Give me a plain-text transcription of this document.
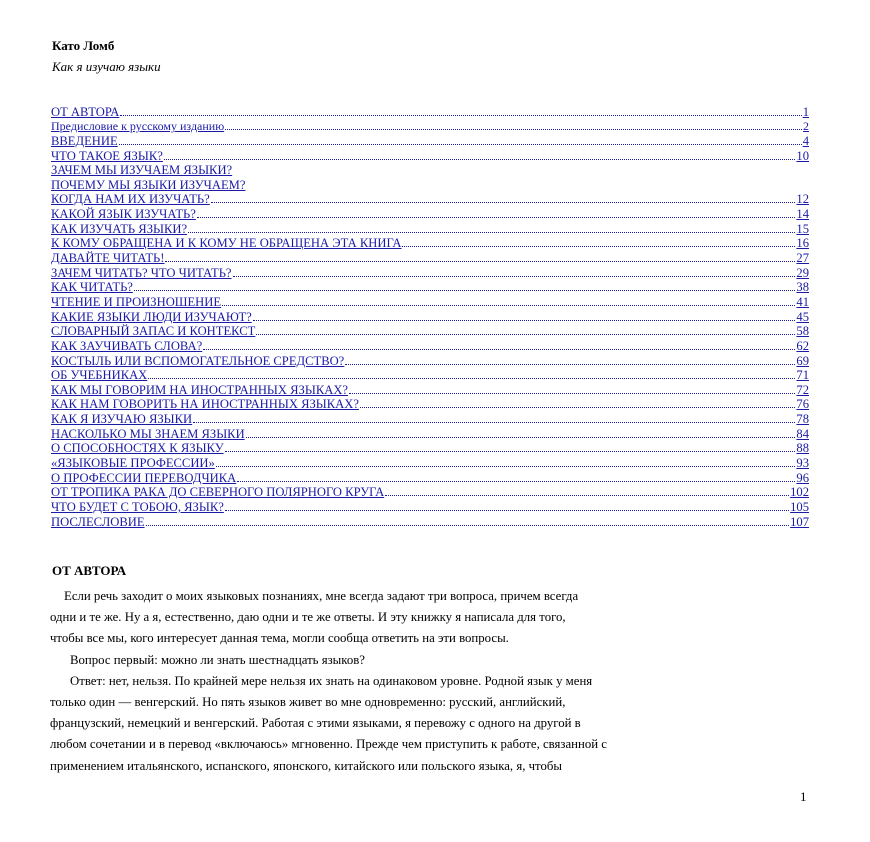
Като Ломб
Как я изучаю языки
ОТ АВТОРА	1
Предисловие к русскому изданию	2
ВВЕДЕНИЕ	4
ЧТО ТАКОЕ ЯЗЫК?	10
ЗАЧЕМ МЫ ИЗУЧАЕМ ЯЗЫКИ?
ПОЧЕМУ МЫ ЯЗЫКИ ИЗУЧАЕМ?
КОГДА НАМ ИХ ИЗУЧАТЬ?	12
КАКОЙ ЯЗЫК ИЗУЧАТЬ?	14
КАК ИЗУЧАТЬ ЯЗЫКИ?	15
К КОМУ ОБРАЩЕНА И К КОМУ НЕ ОБРАЩЕНА ЭТА КНИГА	16
ДАВАЙТЕ ЧИТАТЬ!	27
ЗАЧЕМ ЧИТАТЬ? ЧТО ЧИТАТЬ?	29
КАК ЧИТАТЬ?	38
ЧТЕНИЕ И ПРОИЗНОШЕНИЕ	41
КАКИЕ ЯЗЫКИ ЛЮДИ ИЗУЧАЮТ?	45
СЛОВАРНЫЙ ЗАПАС И КОНТЕКСТ	58
КАК ЗАУЧИВАТЬ СЛОВА?	62
КОСТЫЛЬ ИЛИ ВСПОМОГАТЕЛЬНОЕ СРЕДСТВО?	69
ОБ УЧЕБНИКАХ	71
КАК МЫ ГОВОРИМ НА ИНОСТРАННЫХ ЯЗЫКАХ?	72
КАК НАМ ГОВОРИТЬ НА ИНОСТРАННЫХ ЯЗЫКАХ?	76
КАК Я ИЗУЧАЮ ЯЗЫКИ	78
НАСКОЛЬКО МЫ ЗНАЕМ ЯЗЫКИ	84
О СПОСОБНОСТЯХ К ЯЗЫКУ	88
«ЯЗЫКОВЫЕ ПРОФЕССИИ»	93
О ПРОФЕССИИ ПЕРЕВОДЧИКА	96
ОТ ТРОПИКА РАКА ДО СЕВЕРНОГО ПОЛЯРНОГО КРУГА	102
ЧТО БУДЕТ С ТОБОЮ, ЯЗЫК?	105
ПОСЛЕСЛОВИЕ	107
ОТ АВТОРА
Если речь заходит о моих языковых познаниях, мне всегда задают три вопроса, причем всегда
одни и те же. Ну а я, естественно, даю одни и те же ответы. И эту книжку я написала для того,
чтобы все мы, кого интересует данная тема, могли сообща ответить на эти вопросы.
Вопрос первый: можно ли знать шестнадцать языков?
Ответ: нет, нельзя. По крайней мере нельзя их знать на одинаковом уровне. Родной язык у меня
только один — венгерский. Но пять языков живет во мне одновременно: русский, английский,
французский, немецкий и венгерский. Работая с этими языками, я перевожу с одного на другой в
любом сочетании и в перевод «включаюсь» мгновенно. Прежде чем приступить к работе, связанной с
применением итальянского, испанского, японского, китайского или польского языка, я, чтобы
1
